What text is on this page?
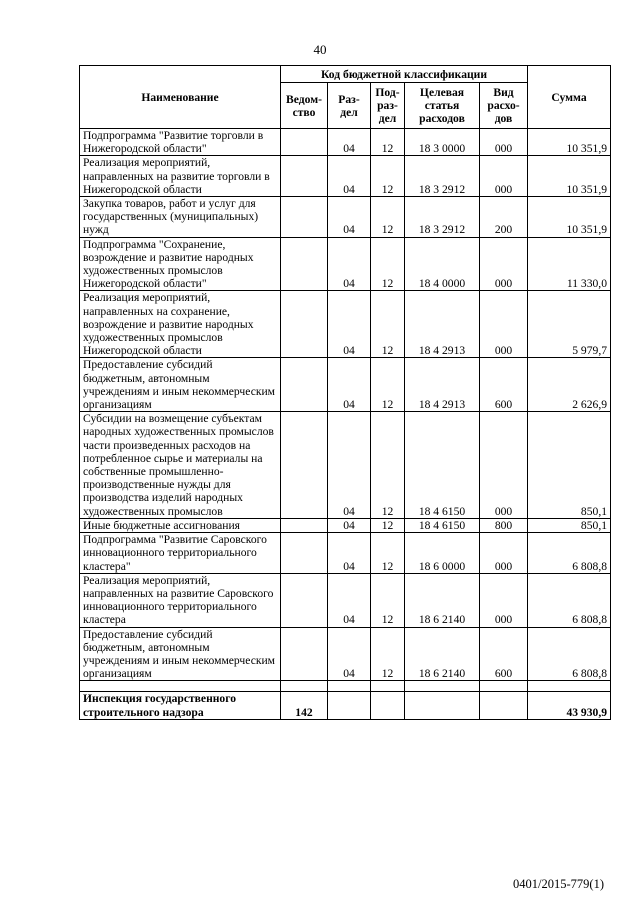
40
Наименование	Код бюджетной классификации					Сумма
	Ведом-ство	Раз-дел	Под-раз-дел	Целевая статья расходов	Вид расхо-дов	
Подпрограмма "Развитие торговли в Нижегородской области"		04	12	18 3 0000	000	10 351,9
Реализация мероприятий, направленных на развитие торговли в Нижегородской области		04	12	18 3 2912	000	10 351,9
Закупка товаров, работ и услуг для государственных (муниципальных) нужд		04	12	18 3 2912	200	10 351,9
Подпрограмма "Сохранение, возрождение и развитие народных художественных промыслов Нижегородской области"		04	12	18 4 0000	000	11 330,0
Реализация мероприятий, направленных на сохранение, возрождение и развитие народных художественных промыслов Нижегородской области		04	12	18 4 2913	000	5 979,7
Предоставление субсидий бюджетным, автономным учреждениям и иным некоммерческим организациям		04	12	18 4 2913	600	2 626,9
Субсидии на возмещение субъектам народных художественных промыслов части произведенных расходов на потребленное сырье и материалы на собственные промышленно-производственные нужды для производства изделий народных художественных промыслов		04	12	18 4 6150	000	850,1
Иные бюджетные ассигнования		04	12	18 4 6150	800	850,1
Подпрограмма "Развитие Саровского инновационного территориального кластера"		04	12	18 6 0000	000	6 808,8
Реализация мероприятий, направленных на развитие Саровского инновационного территориального кластера		04	12	18 6 2140	000	6 808,8
Предоставление субсидий бюджетным, автономным учреждениям и иным некоммерческим организациям		04	12	18 6 2140	600	6 808,8

Инспекция государственного строительного надзора	142					43 930,9
0401/2015-779(1)
